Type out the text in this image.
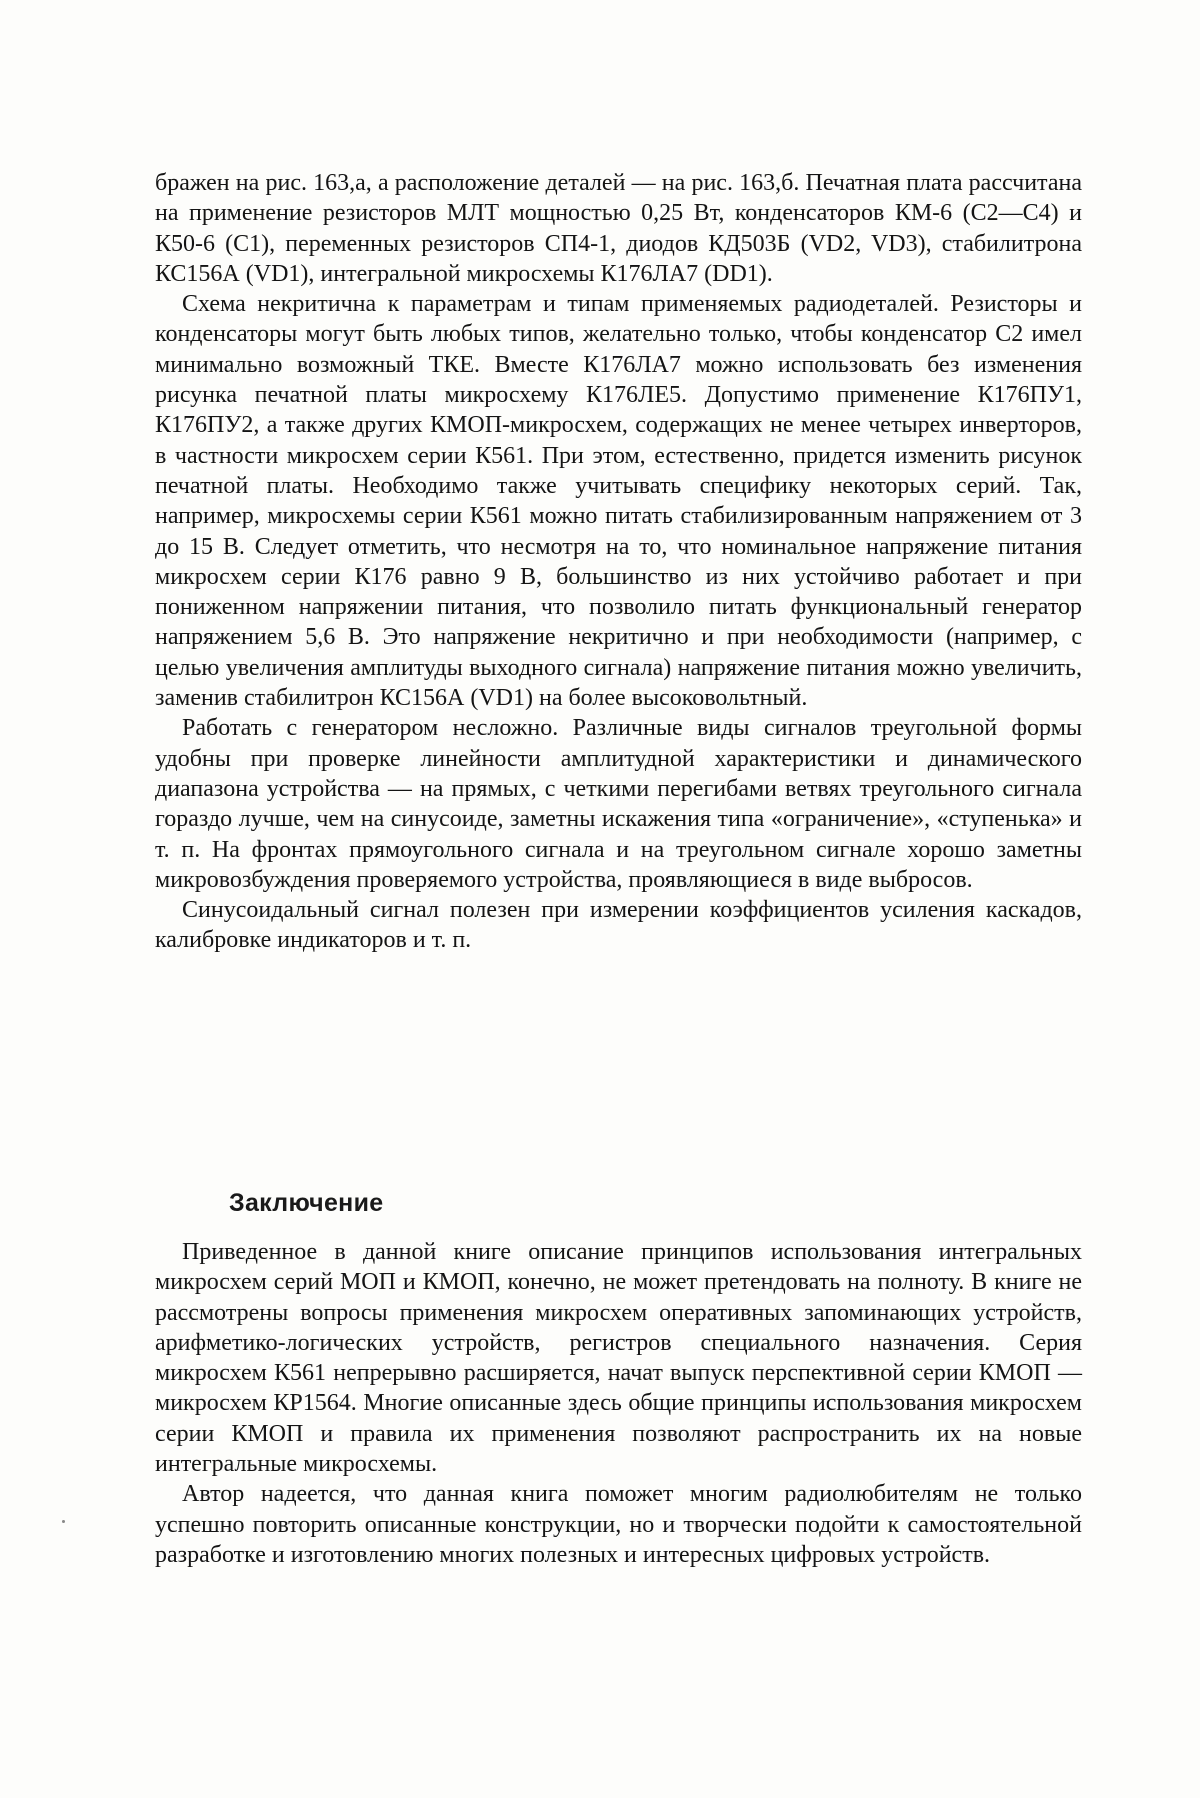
бражен на рис. 163,а, а расположение деталей — на рис. 163,б. Печатная плата рассчитана на применение резисторов МЛТ мощностью 0,25 Вт, конденсаторов КМ-6 (С2—С4) и К50-6 (С1), переменных резисторов СП4-1, диодов КД503Б (VD2, VD3), стабилитрона КС156А (VD1), интегральной микросхемы К176ЛА7 (DD1).

Схема некритична к параметрам и типам применяемых радиодеталей. Резисторы и конденсаторы могут быть любых типов, желательно только, чтобы конденсатор С2 имел минимально возможный ТКЕ. Вместе К176ЛА7 можно использовать без изменения рисунка печатной платы микросхему К176ЛЕ5. Допустимо применение К176ПУ1, К176ПУ2, а также других КМОП-микросхем, содержащих не менее четырех инверторов, в частности микросхем серии К561. При этом, естественно, придется изменить рисунок печатной платы. Необходимо также учитывать специфику некоторых серий. Так, например, микросхемы серии К561 можно питать стабилизированным напряжением от 3 до 15 В. Следует отметить, что несмотря на то, что номинальное напряжение питания микросхем серии К176 равно 9 В, большинство из них устойчиво работает и при пониженном напряжении питания, что позволило питать функциональный генератор напряжением 5,6 В. Это напряжение некритично и при необходимости (например, с целью увеличения амплитуды выходного сигнала) напряжение питания можно увеличить, заменив стабилитрон КС156А (VD1) на более высоковольтный.

Работать с генератором несложно. Различные виды сигналов треугольной формы удобны при проверке линейности амплитудной характеристики и динамического диапазона устройства — на прямых, с четкими перегибами ветвях треугольного сигнала гораздо лучше, чем на синусоиде, заметны искажения типа «ограничение», «ступенька» и т. п. На фронтах прямоугольного сигнала и на треугольном сигнале хорошо заметны микровозбуждения проверяемого устройства, проявляющиеся в виде выбросов.

Синусоидальный сигнал полезен при измерении коэффициентов усиления каскадов, калибровке индикаторов и т. п.

Заключение

Приведенное в данной книге описание принципов использования интегральных микросхем серий МОП и КМОП, конечно, не может претендовать на полноту. В книге не рассмотрены вопросы применения микросхем оперативных запоминающих устройств, арифметико-логических устройств, регистров специального назначения. Серия микросхем К561 непрерывно расширяется, начат выпуск перспективной серии КМОП — микросхем КР1564. Многие описанные здесь общие принципы использования микросхем серии КМОП и правила их применения позволяют распространить их на новые интегральные микросхемы.

Автор надеется, что данная книга поможет многим радиолюбителям не только успешно повторить описанные конструкции, но и творчески подойти к самостоятельной разработке и изготовлению многих полезных и интересных цифровых устройств.
